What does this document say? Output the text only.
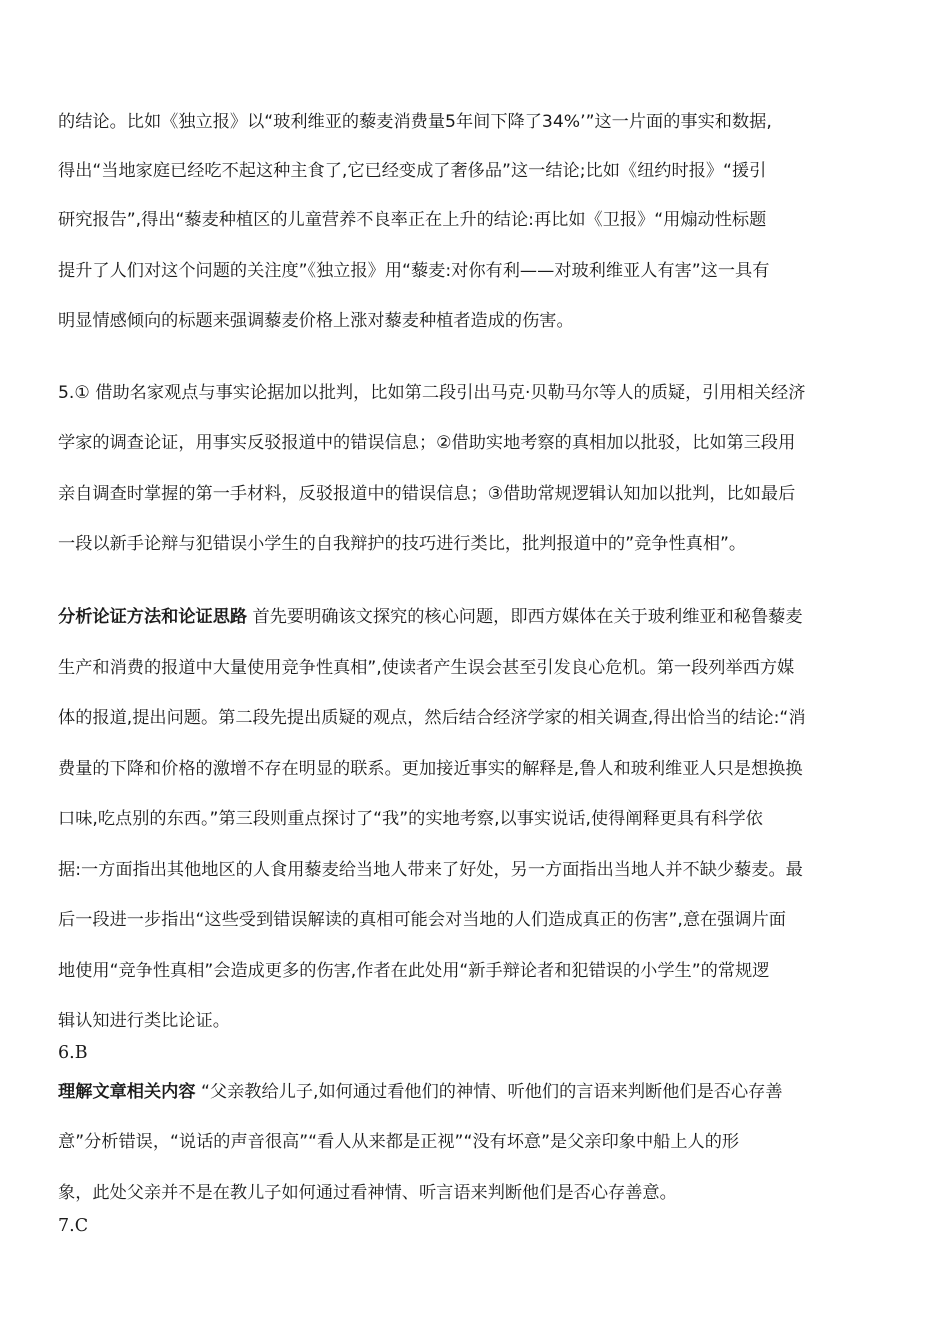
的结论。比如《独立报》以“玻利维亚的藜麦消费量5年间下降了34%’”这一片面的事实和数据,
得出“当地家庭已经吃不起这种主食了,它已经变成了奢侈品”这一结论;比如《纽约时报》“援引
研究报告”,得出“藜麦种植区的儿童营养不良率正在上升的结论:再比如《卫报》“用煽动性标题
提升了人们对这个问题的关注度”《独立报》用“藜麦:对你有利——对玻利维亚人有害”这一具有
明显情感倾向的标题来强调藜麦价格上涨对藜麦种植者造成的伤害。
5.① 借助名家观点与事实论据加以批判，比如第二段引出马克·贝勒马尔等人的质疑，引用相关经济
学家的调查论证，用事实反驳报道中的错误信息；②借助实地考察的真相加以批驳，比如第三段用
亲自调查时掌握的第一手材料，反驳报道中的错误信息；③借助常规逻辑认知加以批判，比如最后
一段以新手论辩与犯错误小学生的自我辩护的技巧进行类比，批判报道中的”竞争性真相”。
分析论证方法和论证思路 首先要明确该文探究的核心问题，即西方媒体在关于玻利维亚和秘鲁藜麦
生产和消费的报道中大量使用竞争性真相”,使读者产生误会甚至引发良心危机。第一段列举西方媒
体的报道,提出问题。第二段先提出质疑的观点，然后结合经济学家的相关调查,得出恰当的结论:“消
费量的下降和价格的激增不存在明显的联系。更加接近事实的解释是,鲁人和玻利维亚人只是想换换
口味,吃点别的东西。”第三段则重点探讨了“我”的实地考察,以事实说话,使得阐释更具有科学依
据:一方面指出其他地区的人食用藜麦给当地人带来了好处，另一方面指出当地人并不缺少藜麦。最
后一段进一步指出“这些受到错误解读的真相可能会对当地的人们造成真正的伤害”,意在强调片面
地使用“竞争性真相”会造成更多的伤害,作者在此处用“新手辩论者和犯错误的小学生”的常规逻
辑认知进行类比论证。
6.B
理解文章相关内容 “父亲教给儿子,如何通过看他们的神情、听他们的言语来判断他们是否心存善
意”分析错误，“说话的声音很高”“看人从来都是正视”“没有坏意”是父亲印象中船上人的形
象，此处父亲并不是在教儿子如何通过看神情、听言语来判断他们是否心存善意。
7.C
